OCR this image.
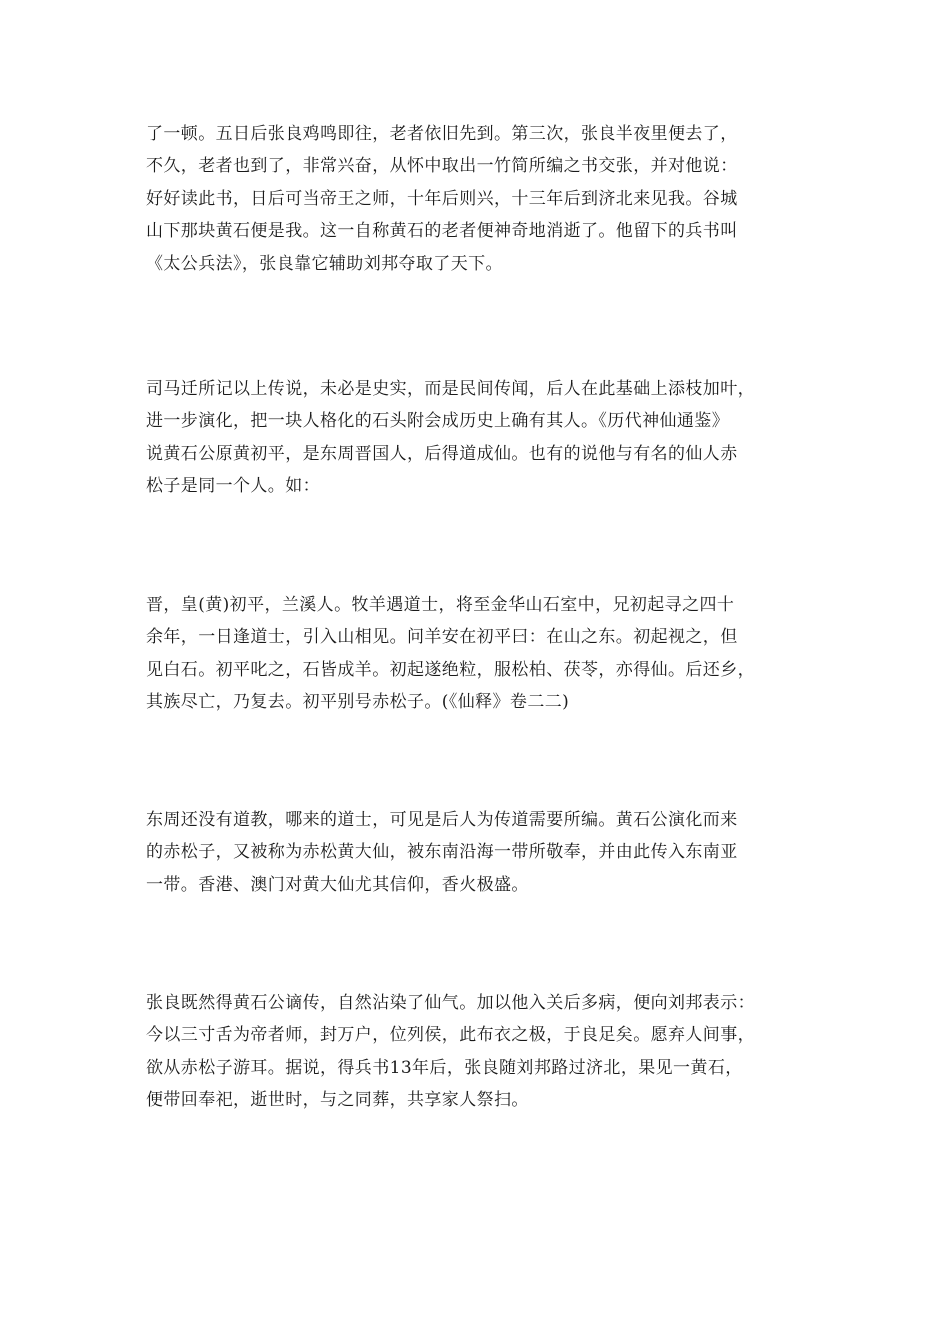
了一顿。五日后张良鸡鸣即往，老者依旧先到。第三次，张良半夜里便去了，
不久，老者也到了，非常兴奋，从怀中取出一竹简所编之书交张，并对他说：
好好读此书，日后可当帝王之师，十年后则兴，十三年后到济北来见我。谷城
山下那块黄石便是我。这一自称黄石的老者便神奇地消逝了。他留下的兵书叫
《太公兵法》，张良靠它辅助刘邦夺取了天下。
司马迁所记以上传说，未必是史实，而是民间传闻，后人在此基础上添枝加叶，
进一步演化，把一块人格化的石头附会成历史上确有其人。《历代神仙通鉴》
说黄石公原黄初平，是东周晋国人，后得道成仙。也有的说他与有名的仙人赤
松子是同一个人。如：
晋，皇(黄)初平，兰溪人。牧羊遇道士，将至金华山石室中，兄初起寻之四十
余年，一日逢道士，引入山相见。问羊安在初平曰：在山之东。初起视之，但
见白石。初平叱之，石皆成羊。初起遂绝粒，服松柏、茯苓，亦得仙。后还乡，
其族尽亡，乃复去。初平别号赤松子。(《仙释》卷二二)
东周还没有道教，哪来的道士，可见是后人为传道需要所编。黄石公演化而来
的赤松子，又被称为赤松黄大仙，被东南沿海一带所敬奉，并由此传入东南亚
一带。香港、澳门对黄大仙尤其信仰，香火极盛。
张良既然得黄石公谪传，自然沾染了仙气。加以他入关后多病，便向刘邦表示：
今以三寸舌为帝者师，封万户，位列侯，此布衣之极，于良足矣。愿弃人间事，
欲从赤松子游耳。据说，得兵书13年后，张良随刘邦路过济北，果见一黄石，
便带回奉祀，逝世时，与之同葬，共享家人祭扫。
